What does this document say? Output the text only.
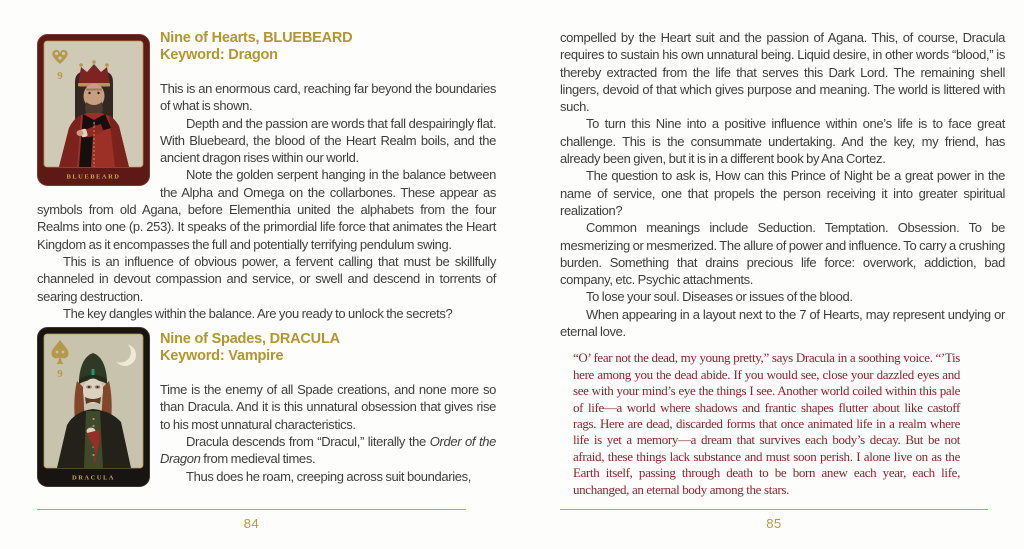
9
BLUEBEARD
Nine of Hearts, BLUEBEARD
Keyword: Dragon

This is an enormous card, reaching far beyond the boundaries of what is shown.

Depth and the passion are words that fall despairingly flat. With Bluebeard, the blood of the Heart Realm boils, and the ancient dragon rises within our world.

Note the golden serpent hanging in the balance between the Alpha and Omega on the collarbones. These appear as symbols from old Agana, before Elementhia united the alphabets from the four Realms into one (p. 253). It speaks of the primordial life force that animates the Heart Kingdom as it encompasses the full and potentially terrifying pendulum swing.

This is an influence of obvious power, a fervent calling that must be skillfully channeled in devout compassion and service, or swell and descend in torrents of searing destruction.

The key dangles within the balance. Are you ready to unlock the secrets?

9
DRACULA
Nine of Spades, DRACULA
Keyword: Vampire

Time is the enemy of all Spade creations, and none more so than Dracula. And it is this unnatural obsession that gives rise to his most unnatural characteristics.

Dracula descends from “Dracul,” literally the Order of the Dragon from medieval times.

Thus does he roam, creeping across suit boundaries,

84

compelled by the Heart suit and the passion of Agana. This, of course, Dracula requires to sustain his own unnatural being. Liquid desire, in other words “blood,” is thereby extracted from the life that serves this Dark Lord. The remaining shell lingers, devoid of that which gives purpose and meaning. The world is littered with such.

To turn this Nine into a positive influence within one’s life is to face great challenge. This is the consummate undertaking. And the key, my friend, has already been given, but it is in a different book by Ana Cortez.

The question to ask is, How can this Prince of Night be a great power in the name of service, one that propels the person receiving it into greater spiritual realization?

Common meanings include Seduction. Temptation. Obsession. To be mesmerizing or mesmerized. The allure of power and influence. To carry a crushing burden. Something that drains precious life force: overwork, addiction, bad company, etc. Psychic attachments.

To lose your soul. Diseases or issues of the blood.

When appearing in a layout next to the 7 of Hearts, may represent undying or eternal love.

“O’ fear not the dead, my young pretty,” says Dracula in a soothing voice. “’Tis here among you the dead abide. If you would see, close your dazzled eyes and see with your mind’s eye the things I see. Another world coiled within this pale of life—a world where shadows and frantic shapes flutter about like castoff rags. Here are dead, discarded forms that once animated life in a realm where life is yet a memory—a dream that survives each body’s decay. But be not afraid, these things lack substance and must soon perish. I alone live on as the Earth itself, passing through death to be born anew each year, each life, unchanged, an eternal body among the stars.

85
